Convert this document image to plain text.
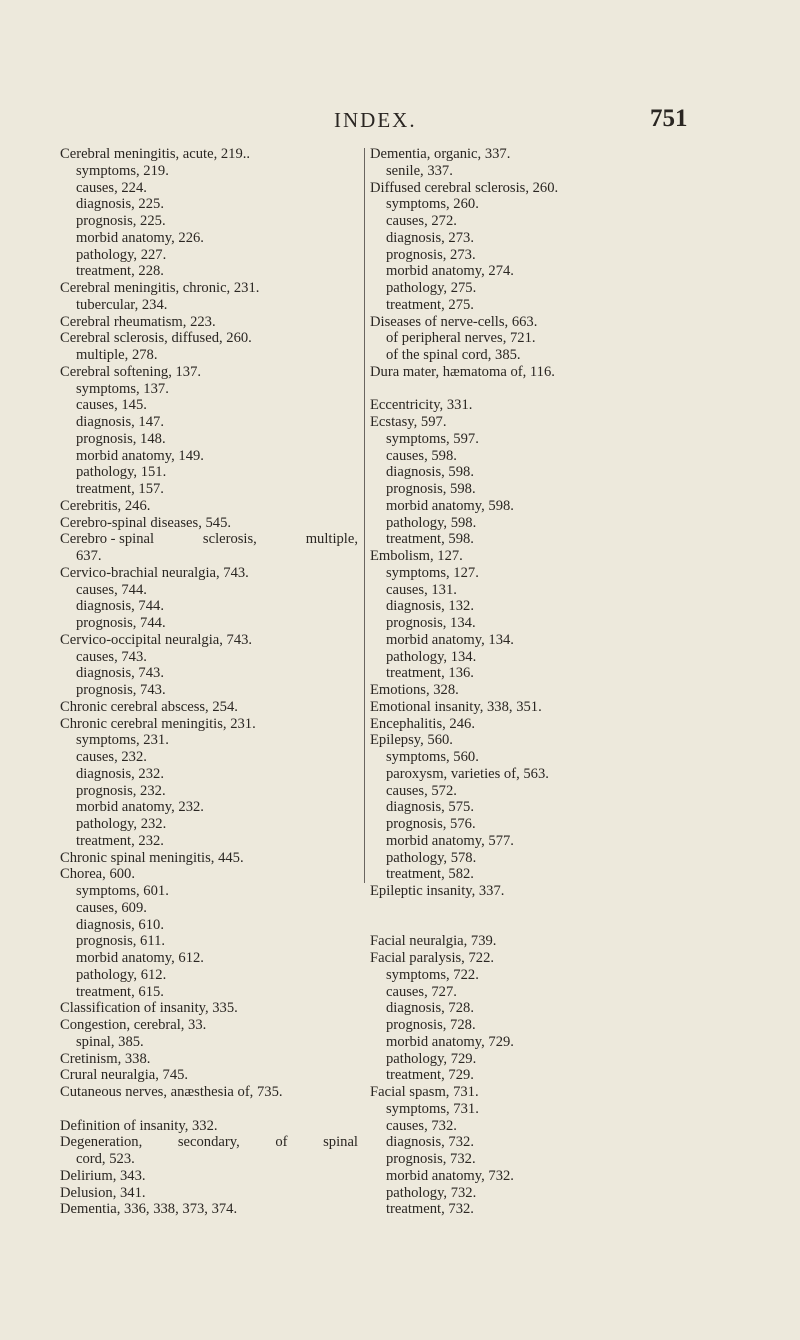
INDEX.	751
Cerebral meningitis, acute, 219..
symptoms, 219.
causes, 224.
diagnosis, 225.
prognosis, 225.
morbid anatomy, 226.
pathology, 227.
treatment, 228.
Cerebral meningitis, chronic, 231.
tubercular, 234.
Cerebral rheumatism, 223.
Cerebral sclerosis, diffused, 260.
multiple, 278.
Cerebral softening, 137.
symptoms, 137.
causes, 145.
diagnosis, 147.
prognosis, 148.
morbid anatomy, 149.
pathology, 151.
treatment, 157.
Cerebritis, 246.
Cerebro-spinal diseases, 545.
Cerebro - spinal	sclerosis,	multiple,
637.
Cervico-brachial neuralgia, 743.
causes, 744.
diagnosis, 744.
prognosis, 744.
Cervico-occipital neuralgia, 743.
causes, 743.
diagnosis, 743.
prognosis, 743.
Chronic cerebral abscess, 254.
Chronic cerebral meningitis, 231.
symptoms, 231.
causes, 232.
diagnosis, 232.
prognosis, 232.
morbid anatomy, 232.
pathology, 232.
treatment, 232.
Chronic spinal meningitis, 445.
Chorea, 600.
symptoms, 601.
causes, 609.
diagnosis, 610.
prognosis, 611.
morbid anatomy, 612.
pathology, 612.
treatment, 615.
Classification of insanity, 335.
Congestion, cerebral, 33.
spinal, 385.
Cretinism, 338.
Crural neuralgia, 745.
Cutaneous nerves, anæsthesia of, 735.
Definition of insanity, 332.
Degeneration, secondary, of spinal
cord, 523.
Delirium, 343.
Delusion, 341.
Dementia, 336, 338, 373, 374.
Dementia, organic, 337.
senile, 337.
Diffused cerebral sclerosis, 260.
symptoms, 260.
causes, 272.
diagnosis, 273.
prognosis, 273.
morbid anatomy, 274.
pathology, 275.
treatment, 275.
Diseases of nerve-cells, 663.
of peripheral nerves, 721.
of the spinal cord, 385.
Dura mater, hæmatoma of, 116.
Eccentricity, 331.
Ecstasy, 597.
symptoms, 597.
causes, 598.
diagnosis, 598.
prognosis, 598.
morbid anatomy, 598.
pathology, 598.
treatment, 598.
Embolism, 127.
symptoms, 127.
causes, 131.
diagnosis, 132.
prognosis, 134.
morbid anatomy, 134.
pathology, 134.
treatment, 136.
Emotions, 328.
Emotional insanity, 338, 351.
Encephalitis, 246.
Epilepsy, 560.
symptoms, 560.
paroxysm, varieties of, 563.
causes, 572.
diagnosis, 575.
prognosis, 576.
morbid anatomy, 577.
pathology, 578.
treatment, 582.
Epileptic insanity, 337.
Facial neuralgia, 739.
Facial paralysis, 722.
symptoms, 722.
causes, 727.
diagnosis, 728.
prognosis, 728.
morbid anatomy, 729.
pathology, 729.
treatment, 729.
Facial spasm, 731.
symptoms, 731.
causes, 732.
diagnosis, 732.
prognosis, 732.
morbid anatomy, 732.
pathology, 732.
treatment, 732.
